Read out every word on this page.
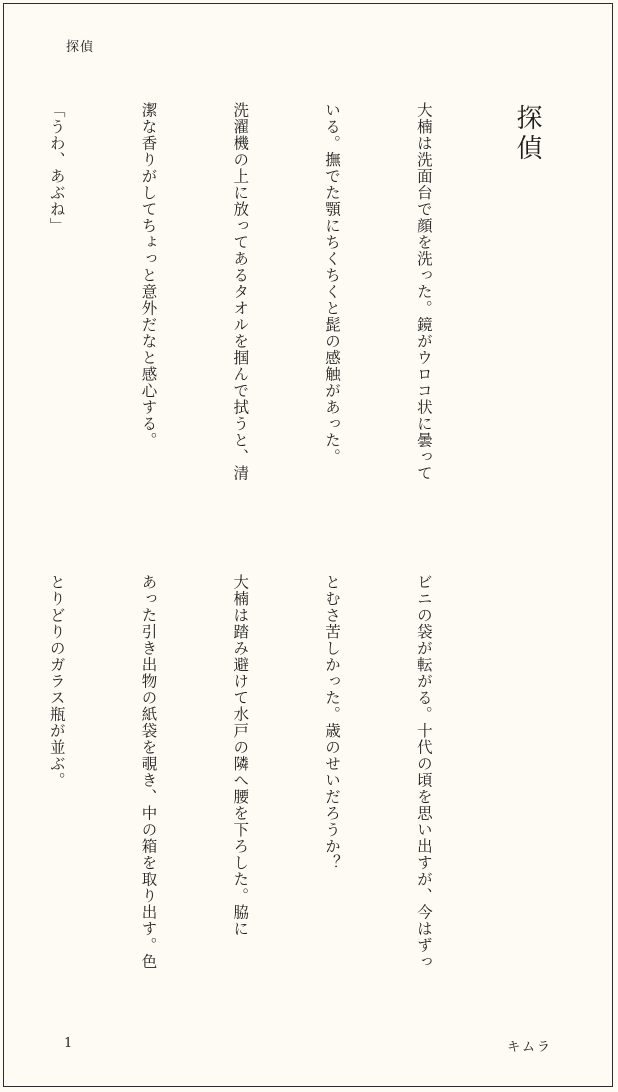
探偵
探偵

大楠は洗面台で顔を洗った。鏡がウロコ状に曇って

いる。撫でた顎にちくちくと髭の感触があった。

洗濯機の上に放ってあるタオルを掴んで拭うと、清

潔な香りがしてちょっと意外だなと感心する。

「うわ、あぶね」

ビニの袋が転がる。十代の頃を思い出すが、今はずっ

とむさ苦しかった。歳のせいだろうか？

大楠は踏み避けて水戸の隣へ腰を下ろした。脇に

あった引き出物の紙袋を覗き、中の箱を取り出す。色

とりどりのガラス瓶が並ぶ。

1	キムラ
